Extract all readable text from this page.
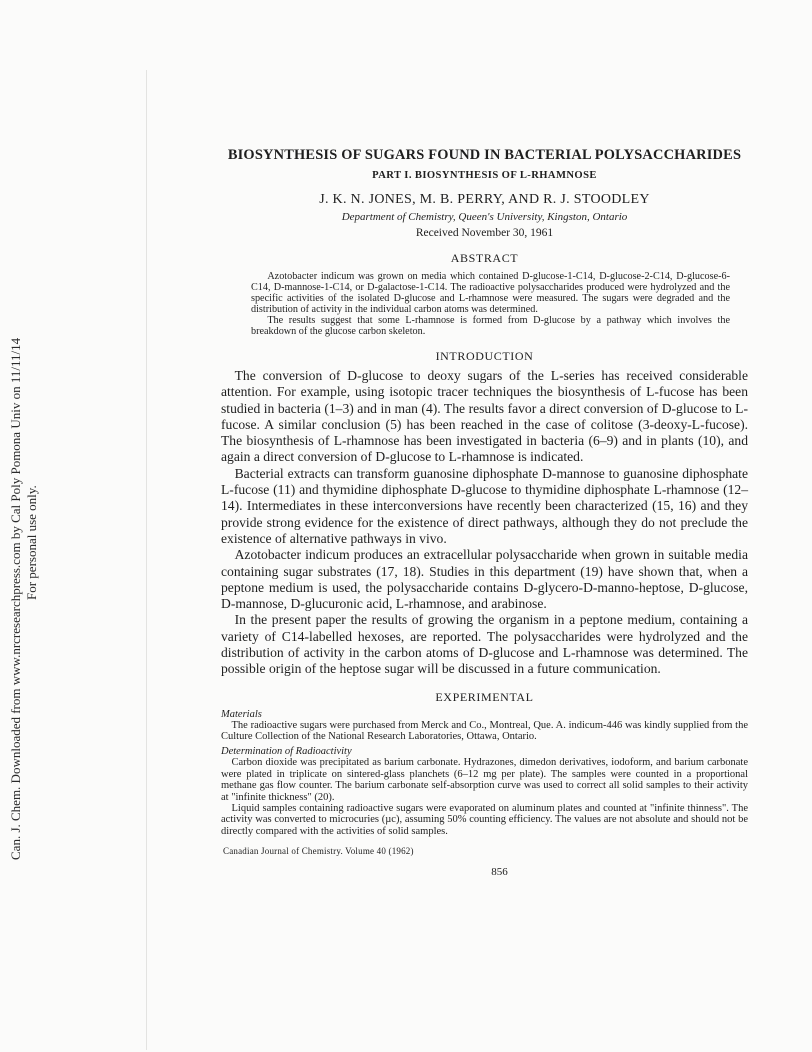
Can. J. Chem. Downloaded from www.nrcresearchpress.com by Cal Poly Pomona Univ on 11/11/14 For personal use only.
BIOSYNTHESIS OF SUGARS FOUND IN BACTERIAL POLYSACCHARIDES
PART I. BIOSYNTHESIS OF L-RHAMNOSE
J. K. N. JONES, M. B. PERRY, AND R. J. STOODLEY
Department of Chemistry, Queen's University, Kingston, Ontario
Received November 30, 1961
ABSTRACT

Azotobacter indicum was grown on media which contained D-glucose-1-C14, D-glucose-2-C14, D-glucose-6-C14, D-mannose-1-C14, or D-galactose-1-C14. The radioactive polysaccharides produced were hydrolyzed and the specific activities of the isolated D-glucose and L-rhamnose were measured. The sugars were degraded and the distribution of activity in the individual carbon atoms was determined.

The results suggest that some L-rhamnose is formed from D-glucose by a pathway which involves the breakdown of the glucose carbon skeleton.

INTRODUCTION

The conversion of D-glucose to deoxy sugars of the L-series has received considerable attention. For example, using isotopic tracer techniques the biosynthesis of L-fucose has been studied in bacteria (1–3) and in man (4). The results favor a direct conversion of D-glucose to L-fucose. A similar conclusion (5) has been reached in the case of colitose (3-deoxy-L-fucose). The biosynthesis of L-rhamnose has been investigated in bacteria (6–9) and in plants (10), and again a direct conversion of D-glucose to L-rhamnose is indicated.

Bacterial extracts can transform guanosine diphosphate D-mannose to guanosine diphosphate L-fucose (11) and thymidine diphosphate D-glucose to thymidine diphosphate L-rhamnose (12–14). Intermediates in these interconversions have recently been characterized (15, 16) and they provide strong evidence for the existence of direct pathways, although they do not preclude the existence of alternative pathways in vivo.

Azotobacter indicum produces an extracellular polysaccharide when grown in suitable media containing sugar substrates (17, 18). Studies in this department (19) have shown that, when a peptone medium is used, the polysaccharide contains D-glycero-D-manno-heptose, D-glucose, D-mannose, D-glucuronic acid, L-rhamnose, and arabinose.

In the present paper the results of growing the organism in a peptone medium, containing a variety of C14-labelled hexoses, are reported. The polysaccharides were hydrolyzed and the distribution of activity in the carbon atoms of D-glucose and L-rhamnose was determined. The possible origin of the heptose sugar will be discussed in a future communication.

EXPERIMENTAL
Materials

The radioactive sugars were purchased from Merck and Co., Montreal, Que. A. indicum-446 was kindly supplied from the Culture Collection of the National Research Laboratories, Ottawa, Ontario.

Determination of Radioactivity

Carbon dioxide was precipitated as barium carbonate. Hydrazones, dimedon derivatives, iodoform, and barium carbonate were plated in triplicate on sintered-glass planchets (6–12 mg per plate). The samples were counted in a proportional methane gas flow counter. The barium carbonate self-absorption curve was used to correct all solid samples to their activity at "infinite thickness" (20).

Liquid samples containing radioactive sugars were evaporated on aluminum plates and counted at "infinite thinness". The activity was converted to microcuries (µc), assuming 50% counting efficiency. The values are not absolute and should not be directly compared with the activities of solid samples.

Canadian Journal of Chemistry. Volume 40 (1962)
856
